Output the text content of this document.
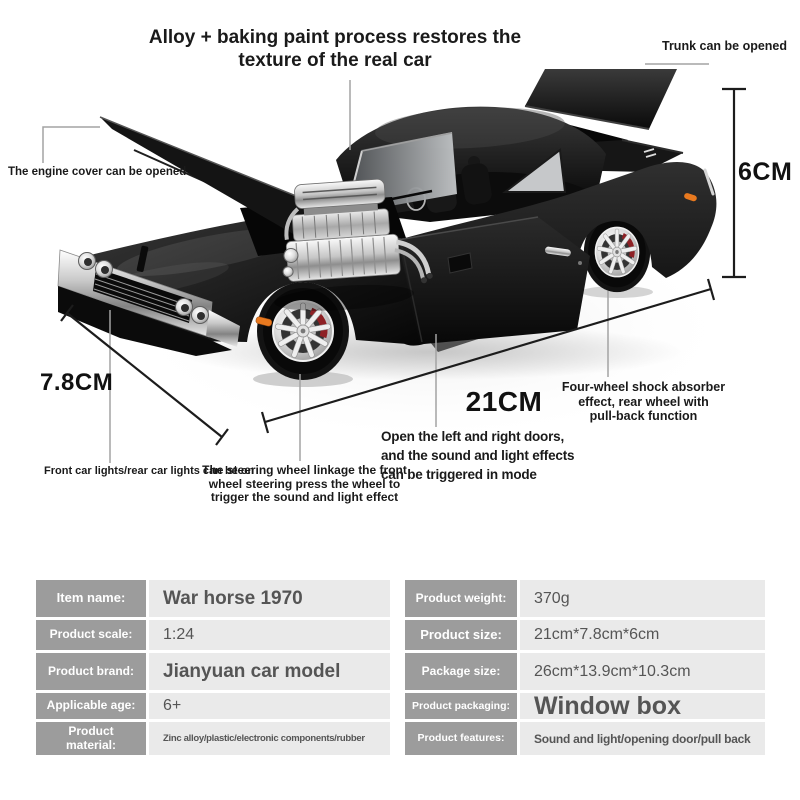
Alloy + baking paint process restores the
texture of the real car
Trunk can be opened
The engine cover can be opened	6CM
7.8CM
21CM
Front car lights/rear car lights can be on
The steering wheel linkage the front
wheel steering press the wheel to
trigger the sound and light effect
Open the left and right doors,
and the sound and light effects
can be triggered in mode
Four-wheel shock absorber
effect, rear wheel with
pull-back function
Item name:	War horse 1970
Product scale:	1:24
Product brand:	Jianyuan car model
Applicable age:	6+
Product material:	Zinc alloy/plastic/electronic components/rubber
Product weight:	370g
Product size:	21cm*7.8cm*6cm
Package size:	26cm*13.9cm*10.3cm
Product packaging: Window box
Product features:	Sound and light/opening door/pull back
